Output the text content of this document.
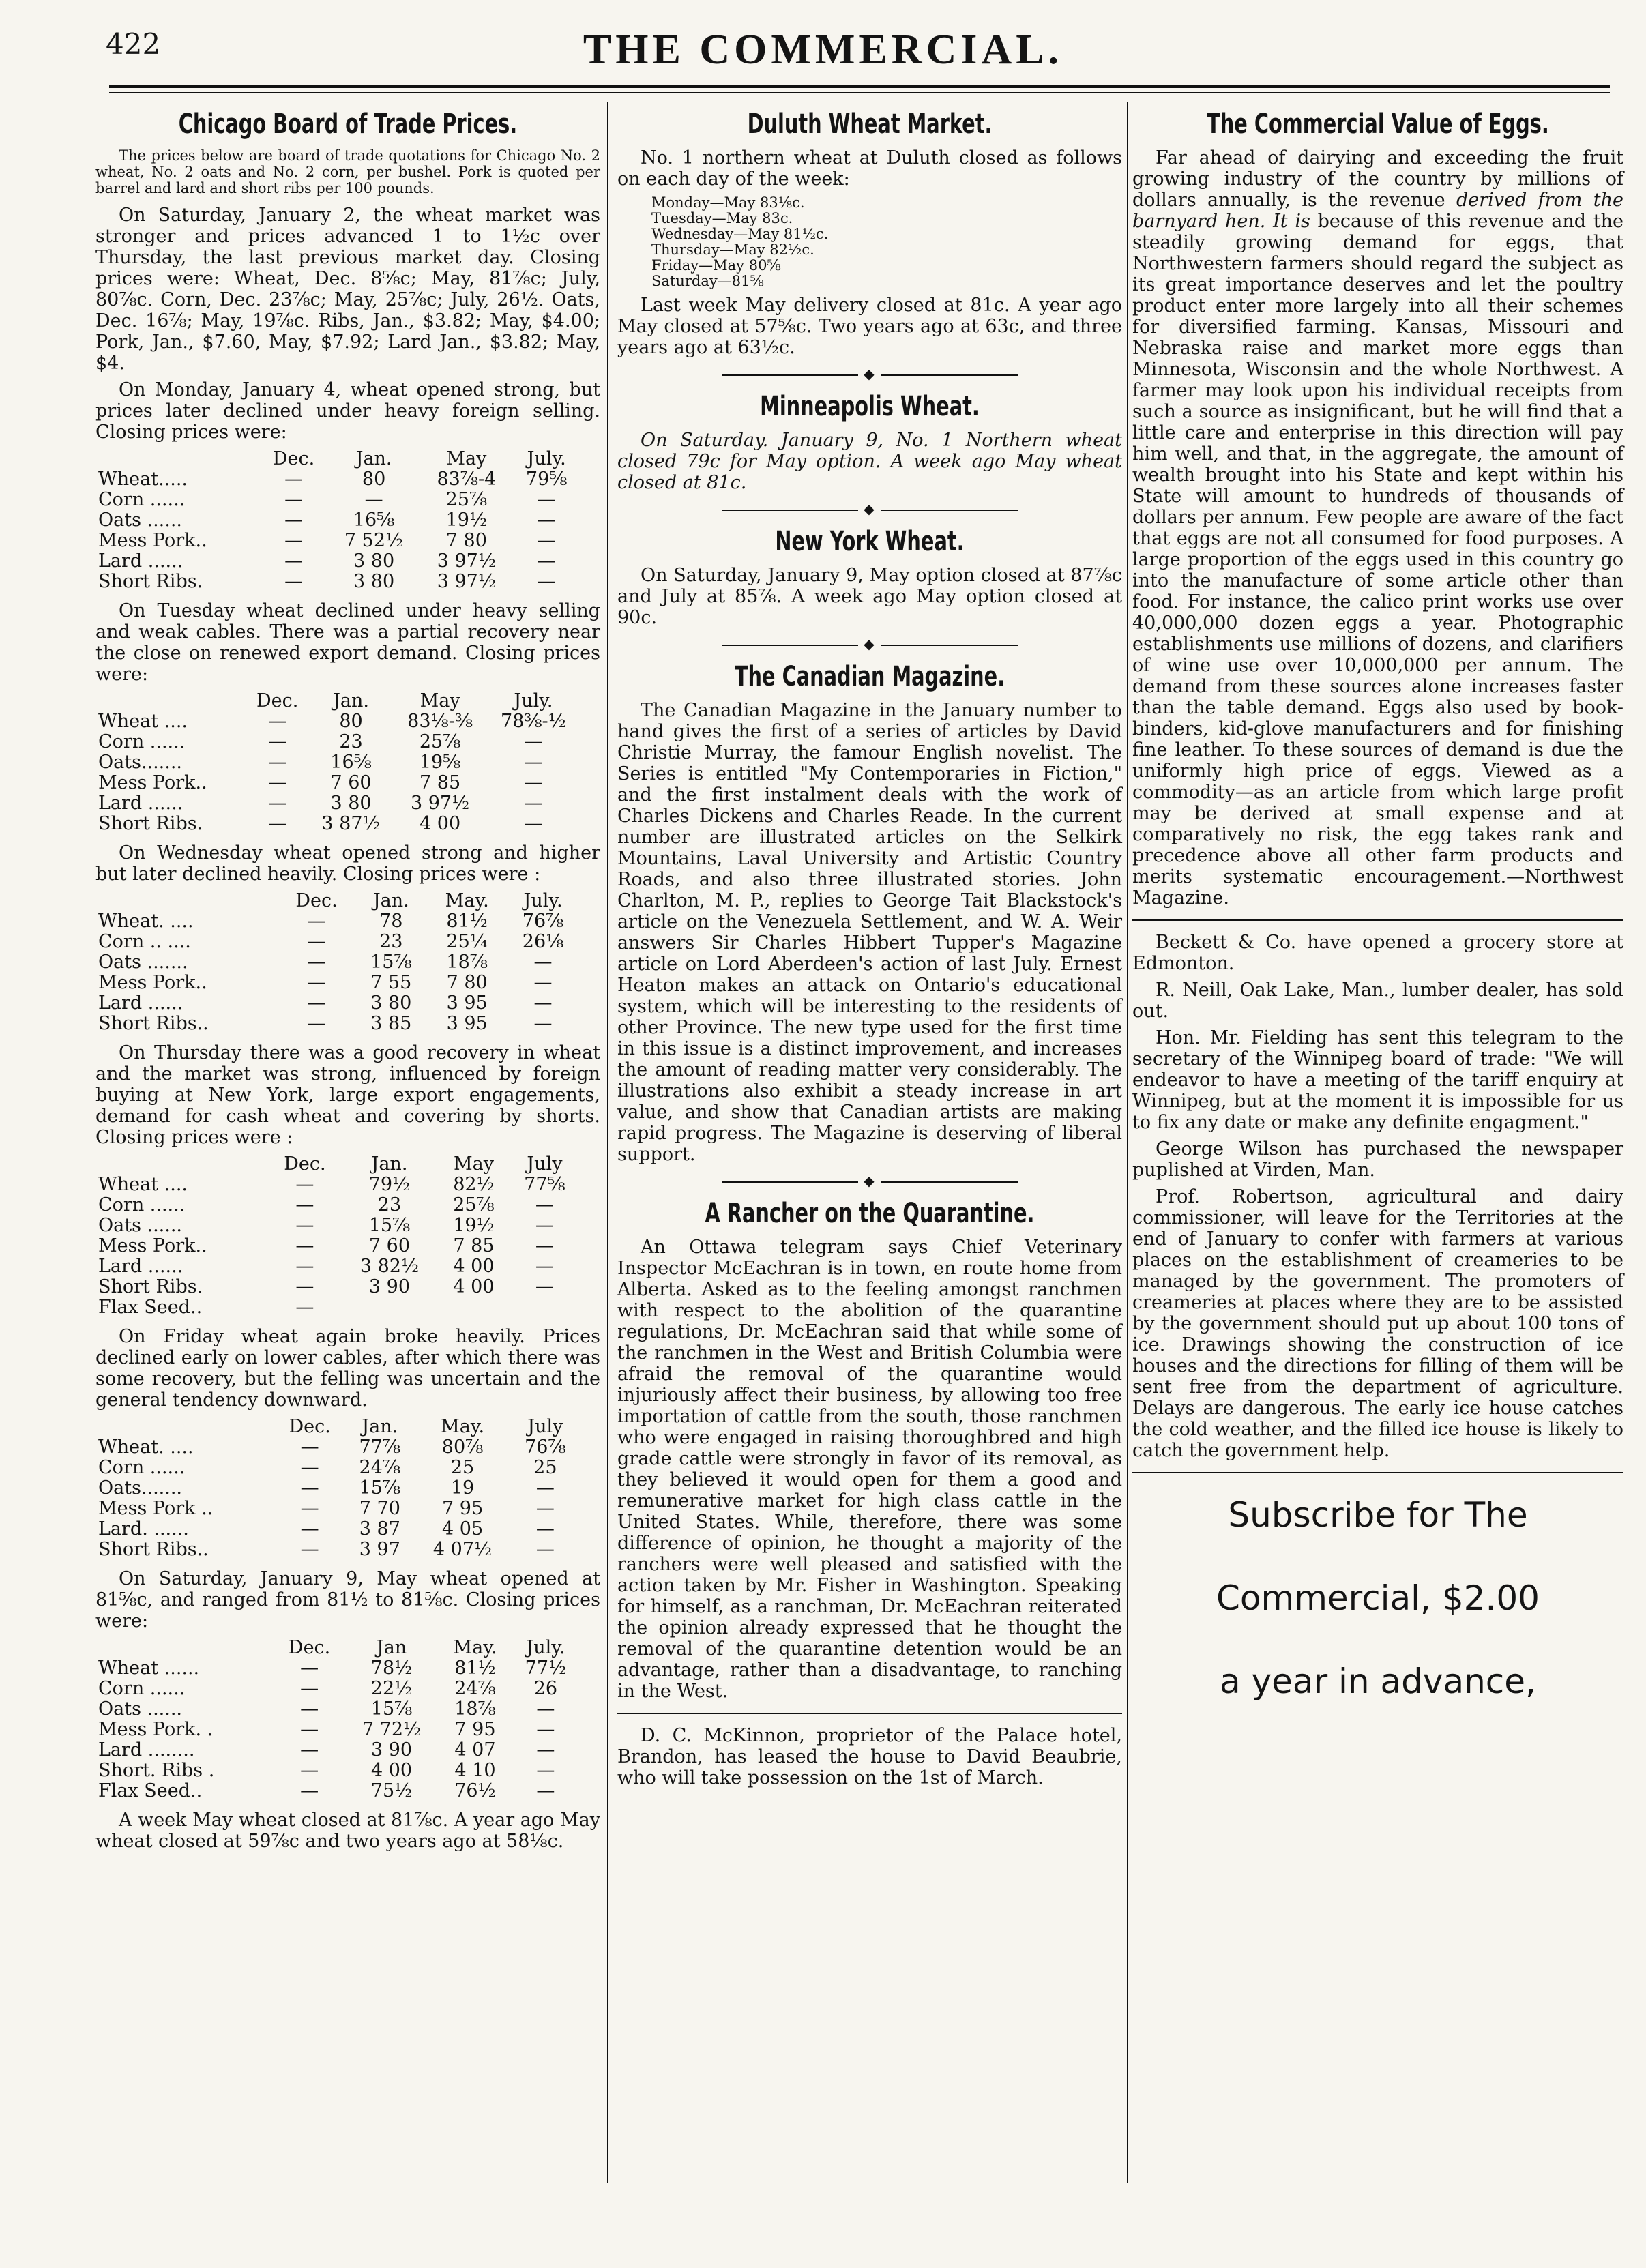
422	THE COMMERCIAL.
Chicago Board of Trade Prices.
The prices below are board of trade quotations for Chicago No. 2 wheat, No. 2 oats and No. 2 corn, per bushel. Pork is quoted per barrel and lard and short ribs per 100 pounds.

On Saturday, January 2, the wheat market was stronger and prices advanced 1 to 1½c over Thursday, the last previous market day. Closing prices were: Wheat, Dec. 8⅝c; May, 81⅞c; July, 80⅞c. Corn, Dec. 23⅞c; May, 25⅞c; July, 26½. Oats, Dec. 16⅞; May, 19⅞c. Ribs, Jan., $3.82; May, $4.00; Pork, Jan., $7.60, May, $7.92; Lard Jan., $3.82; May, $4.

On Monday, January 4, wheat opened strong, but prices later declined under heavy foreign selling. Closing prices were:

	Dec.	Jan.	May	July.
Wheat.....	—	80	83⅞-4	79⅝
Corn ......	—	—	25⅞	—
Oats ......	—	16⅝	19½	—
Mess Pork..	—	7 52½	7 80	—
Lard ......	—	3 80	3 97½	—
Short Ribs.	—	3 80	3 97½	—

On Tuesday wheat declined under heavy selling and weak cables. There was a partial recovery near the close on renewed export demand. Closing prices were:

	Dec.	Jan.	May	July.
Wheat ....	—	80	83⅛-⅜	78⅜-½
Corn ......	—	23	25⅞	—
Oats.......	—	16⅝	19⅝	—
Mess Pork..	—	7 60	7 85	—
Lard ......	—	3 80	3 97½	—
Short Ribs.	—	3 87½	4 00	—

On Wednesday wheat opened strong and higher but later declined heavily. Closing prices were :

	Dec.	Jan.	May.	July.
Wheat. ....	—	78	81½	76⅞
Corn .. ....	—	23	25¼	26⅛
Oats .......	—	15⅞	18⅞	—
Mess Pork..	—	7 55	7 80	—
Lard ......	—	3 80	3 95	—
Short Ribs..	—	3 85	3 95	—

On Thursday there was a good recovery in wheat and the market was strong, influenced by foreign buying at New York, large export engagements, demand for cash wheat and covering by shorts. Closing prices were :

	Dec.	Jan.	May	July
Wheat ....	—	79½	82½	77⅝
Corn ......	—	23	25⅞	—
Oats ......	—	15⅞	19½	—
Mess Pork..	—	7 60	7 85	—
Lard ......	—	3 82½	4 00	—
Short Ribs.	—	3 90	4 00	—
Flax Seed..	—			

On Friday wheat again broke heavily. Prices declined early on lower cables, after which there was some recovery, but the felling was uncertain and the general tendency downward.

	Dec.	Jan.	May.	July
Wheat. ....	—	77⅞	80⅞	76⅞
Corn ......	—	24⅞	25	25
Oats.......	—	15⅞	19	—
Mess Pork ..	—	7 70	7 95	—
Lard. ......	—	3 87	4 05	—
Short Ribs..	—	3 97	4 07½	—

On Saturday, January 9, May wheat opened at 81⅝c, and ranged from 81½ to 81⅝c. Closing prices were:

	Dec.	Jan	May.	July.
Wheat ......	—	78½	81½	77½
Corn ......	—	22½	24⅞	26
Oats ......	—	15⅞	18⅞	—
Mess Pork. .	—	7 72½	7 95	—
Lard ........	—	3 90	4 07	—
Short. Ribs .	—	4 00	4 10	—
Flax Seed..	—	75½	76½	—

A week May wheat closed at 81⅞c. A year ago May wheat closed at 59⅞c and two years ago at 58⅛c.

Duluth Wheat Market.

No. 1 northern wheat at Duluth closed as follows on each day of the week:

Monday—May 83⅛c.
Tuesday—May 83c.
Wednesday—May 81½c.
Thursday—May 82½c.
Friday—May 80⅝
Saturday—81⅝

Last week May delivery closed at 81c. A year ago May closed at 57⅝c. Two years ago at 63c, and three years ago at 63½c.

◆
Minneapolis Wheat.

On Saturday. January 9, No. 1 Northern wheat closed 79c for May option. A week ago May wheat closed at 81c.

◆
New York Wheat.

On Saturday, January 9, May option closed at 87⅞c and July at 85⅞. A week ago May option closed at 90c.

◆
The Canadian Magazine.

The Canadian Magazine in the January number to hand gives the first of a series of articles by David Christie Murray, the famour English novelist. The Series is entitled "My Contemporaries in Fiction," and the first instalment deals with the work of Charles Dickens and Charles Reade. In the current number are illustrated articles on the Selkirk Mountains, Laval University and Artistic Country Roads, and also three illustrated stories. John Charlton, M. P., replies to George Tait Blackstock's article on the Venezuela Settlement, and W. A. Weir answers Sir Charles Hibbert Tupper's Magazine article on Lord Aberdeen's action of last July. Ernest Heaton makes an attack on Ontario's educational system, which will be interesting to the residents of other Province. The new type used for the first time in this issue is a distinct improvement, and increases the amount of reading matter very considerably. The illustrations also exhibit a steady increase in art value, and show that Canadian artists are making rapid progress. The Magazine is deserving of liberal support.

◆
A Rancher on the Quarantine.

An Ottawa telegram says Chief Veterinary Inspector McEachran is in town, en route home from Alberta. Asked as to the feeling amongst ranchmen with respect to the abolition of the quarantine regulations, Dr. McEachran said that while some of the ranchmen in the West and British Columbia were afraid the removal of the quarantine would injuriously affect their business, by allowing too free importation of cattle from the south, those ranchmen who were engaged in raising thoroughbred and high grade cattle were strongly in favor of its removal, as they believed it would open for them a good and remunerative market for high class cattle in the United States. While, therefore, there was some difference of opinion, he thought a majority of the ranchers were well pleased and satisfied with the action taken by Mr. Fisher in Washington. Speaking for himself, as a ranchman, Dr. McEachran reiterated the opinion already expressed that he thought the removal of the quarantine detention would be an advantage, rather than a disadvantage, to ranching in the West.

D. C. McKinnon, proprietor of the Palace hotel, Brandon, has leased the house to David Beaubrie, who will take possession on the 1st of March.

The Commercial Value of Eggs.

Far ahead of dairying and exceeding the fruit growing industry of the country by millions of dollars annually, is the revenue derived from the barnyard hen. It is because of this revenue and the steadily growing demand for eggs, that Northwestern farmers should regard the subject as its great importance deserves and let the poultry product enter more largely into all their schemes for diversified farming. Kansas, Missouri and Nebraska raise and market more eggs than Minnesota, Wisconsin and the whole Northwest. A farmer may look upon his individual receipts from such a source as insignificant, but he will find that a little care and enterprise in this direction will pay him well, and that, in the aggregate, the amount of wealth brought into his State and kept within his State will amount to hundreds of thousands of dollars per annum. Few people are aware of the fact that eggs are not all consumed for food purposes. A large proportion of the eggs used in this country go into the manufacture of some article other than food. For instance, the calico print works use over 40,000,000 dozen eggs a year. Photographic establishments use millions of dozens, and clarifiers of wine use over 10,000,000 per annum. The demand from these sources alone increases faster than the table demand. Eggs also used by book-binders, kid-glove manufacturers and for finishing fine leather. To these sources of demand is due the uniformly high price of eggs. Viewed as a commodity—as an article from which large profit may be derived at small expense and at comparatively no risk, the egg takes rank and precedence above all other farm products and merits systematic encouragement.—Northwest Magazine.

Beckett & Co. have opened a grocery store at Edmonton.

R. Neill, Oak Lake, Man., lumber dealer, has sold out.

Hon. Mr. Fielding has sent this telegram to the secretary of the Winnipeg board of trade: "We will endeavor to have a meeting of the tariff enquiry at Winnipeg, but at the moment it is impossible for us to fix any date or make any definite engagment."

George Wilson has purchased the newspaper puplished at Virden, Man.

Prof. Robertson, agricultural and dairy commissioner, will leave for the Territories at the end of January to confer with farmers at various places on the establishment of creameries to be managed by the government. The promoters of creameries at places where they are to be assisted by the government should put up about 100 tons of ice. Drawings showing the construction of ice houses and the directions for filling of them will be sent free from the department of agriculture. Delays are dangerous. The early ice house catches the cold weather, and the filled ice house is likely to catch the government help.

Subscribe for The
Commercial, $2.00
a year in advance,
